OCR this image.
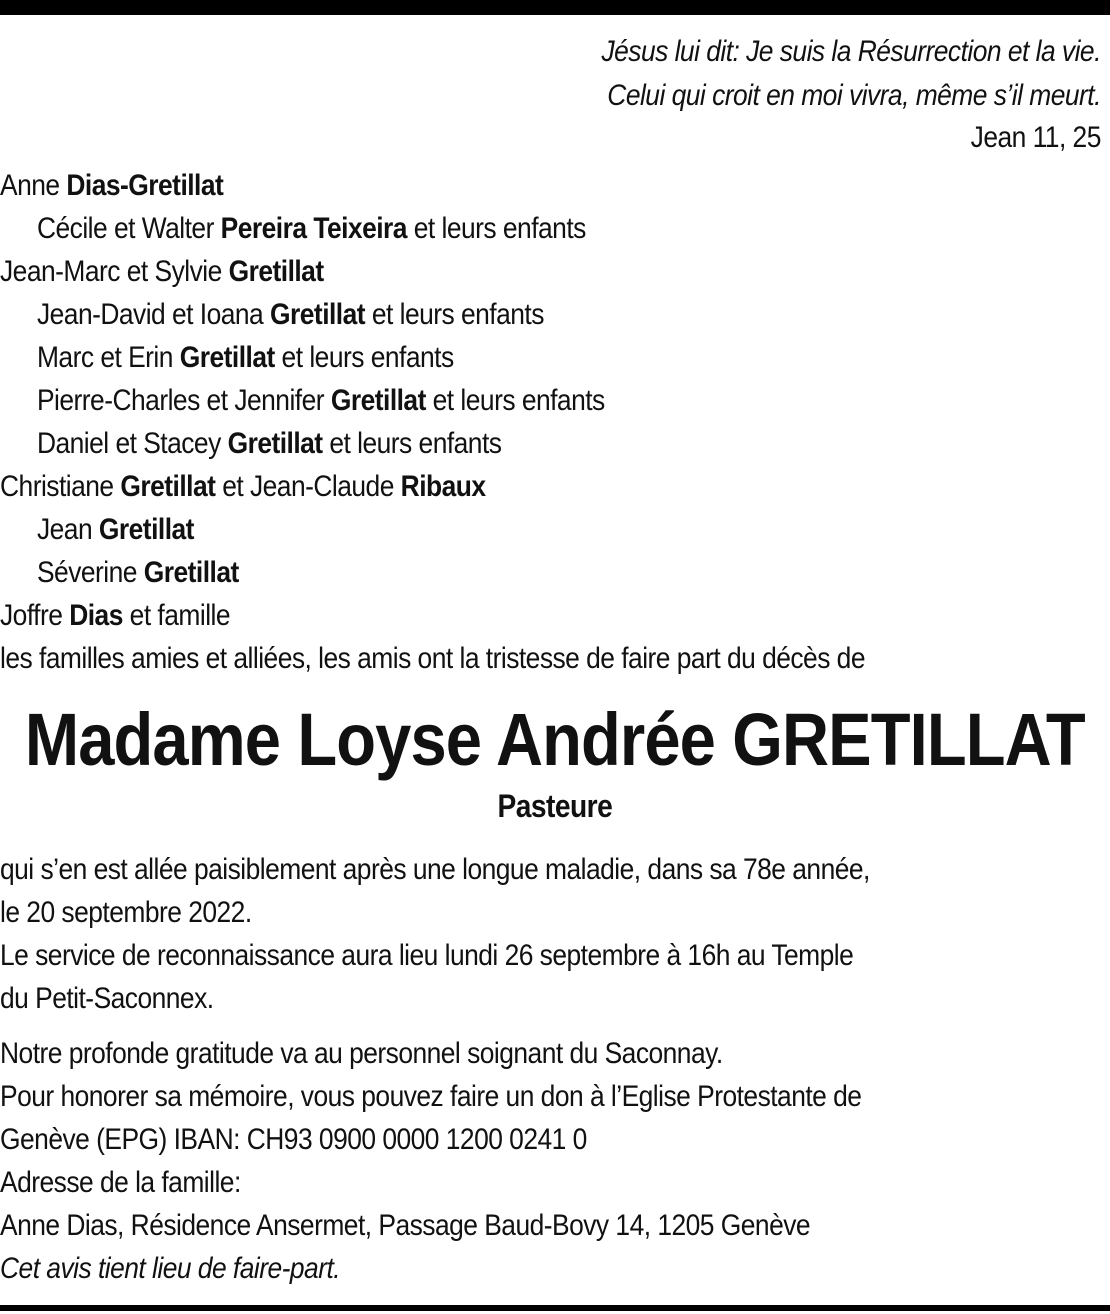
Jésus lui dit: Je suis la Résurrection et la vie.
Celui qui croit en moi vivra, même s’il meurt.
Jean 11, 25
Anne Dias-Gretillat
Cécile et Walter Pereira Teixeira et leurs enfants
Jean-Marc et Sylvie Gretillat
Jean-David et Ioana Gretillat et leurs enfants
Marc et Erin Gretillat et leurs enfants
Pierre-Charles et Jennifer Gretillat et leurs enfants
Daniel et Stacey Gretillat et leurs enfants
Christiane Gretillat et Jean-Claude Ribaux
Jean Gretillat
Séverine Gretillat
Joffre Dias et famille
les familles amies et alliées, les amis ont la tristesse de faire part du décès de
Madame Loyse Andrée GRETILLAT
Pasteure
qui s’en est allée paisiblement après une longue maladie, dans sa 78e année,
le 20 septembre 2022.
Le service de reconnaissance aura lieu lundi 26 septembre à 16h au Temple
du Petit-Saconnex.
Notre profonde gratitude va au personnel soignant du Saconnay.
Pour honorer sa mémoire, vous pouvez faire un don à l’Eglise Protestante de
Genève (EPG) IBAN: CH93 0900 0000 1200 0241 0
Adresse de la famille:
Anne Dias, Résidence Ansermet, Passage Baud-Bovy 14, 1205 Genève
Cet avis tient lieu de faire-part.
